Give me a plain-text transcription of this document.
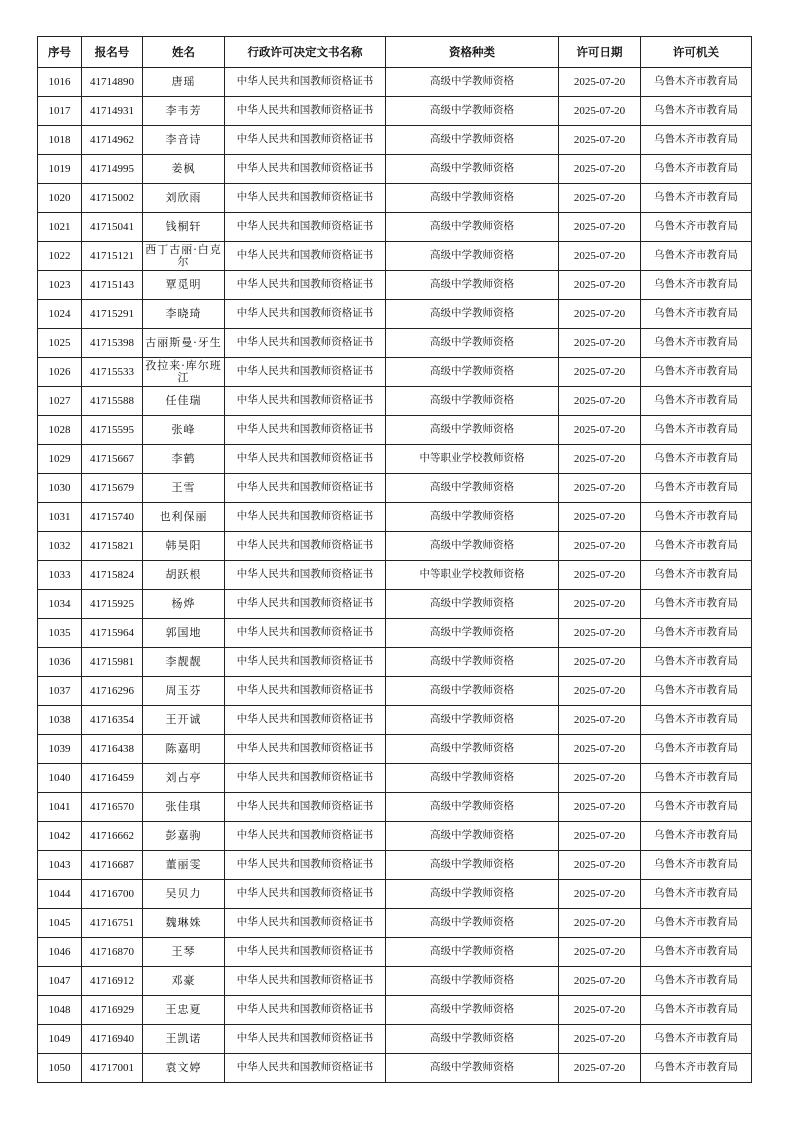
序号	报名号	姓名	行政许可决定文书名称	资格种类	许可日期	许可机关
1016	41714890	唐瑶	中华人民共和国教师资格证书	高级中学教师资格	2025-07-20	乌鲁木齐市教育局
1017	41714931	李韦芳	中华人民共和国教师资格证书	高级中学教师资格	2025-07-20	乌鲁木齐市教育局
1018	41714962	李音诗	中华人民共和国教师资格证书	高级中学教师资格	2025-07-20	乌鲁木齐市教育局
1019	41714995	姜枫	中华人民共和国教师资格证书	高级中学教师资格	2025-07-20	乌鲁木齐市教育局
1020	41715002	刘欣雨	中华人民共和国教师资格证书	高级中学教师资格	2025-07-20	乌鲁木齐市教育局
1021	41715041	钱桐轩	中华人民共和国教师资格证书	高级中学教师资格	2025-07-20	乌鲁木齐市教育局
1022	41715121	西丁古丽·白克尔	中华人民共和国教师资格证书	高级中学教师资格	2025-07-20	乌鲁木齐市教育局
1023	41715143	覃觅明	中华人民共和国教师资格证书	高级中学教师资格	2025-07-20	乌鲁木齐市教育局
1024	41715291	李晓琦	中华人民共和国教师资格证书	高级中学教师资格	2025-07-20	乌鲁木齐市教育局
1025	41715398	古丽斯曼·牙生	中华人民共和国教师资格证书	高级中学教师资格	2025-07-20	乌鲁木齐市教育局
1026	41715533	孜拉来·库尔班江	中华人民共和国教师资格证书	高级中学教师资格	2025-07-20	乌鲁木齐市教育局
1027	41715588	任佳瑞	中华人民共和国教师资格证书	高级中学教师资格	2025-07-20	乌鲁木齐市教育局
1028	41715595	张峰	中华人民共和国教师资格证书	高级中学教师资格	2025-07-20	乌鲁木齐市教育局
1029	41715667	李鹤	中华人民共和国教师资格证书	中等职业学校教师资格	2025-07-20	乌鲁木齐市教育局
1030	41715679	王雪	中华人民共和国教师资格证书	高级中学教师资格	2025-07-20	乌鲁木齐市教育局
1031	41715740	也利保丽	中华人民共和国教师资格证书	高级中学教师资格	2025-07-20	乌鲁木齐市教育局
1032	41715821	韩昊阳	中华人民共和国教师资格证书	高级中学教师资格	2025-07-20	乌鲁木齐市教育局
1033	41715824	胡跃根	中华人民共和国教师资格证书	中等职业学校教师资格	2025-07-20	乌鲁木齐市教育局
1034	41715925	杨烨	中华人民共和国教师资格证书	高级中学教师资格	2025-07-20	乌鲁木齐市教育局
1035	41715964	郭国地	中华人民共和国教师资格证书	高级中学教师资格	2025-07-20	乌鲁木齐市教育局
1036	41715981	李靓靓	中华人民共和国教师资格证书	高级中学教师资格	2025-07-20	乌鲁木齐市教育局
1037	41716296	周玉芬	中华人民共和国教师资格证书	高级中学教师资格	2025-07-20	乌鲁木齐市教育局
1038	41716354	王开诚	中华人民共和国教师资格证书	高级中学教师资格	2025-07-20	乌鲁木齐市教育局
1039	41716438	陈嘉明	中华人民共和国教师资格证书	高级中学教师资格	2025-07-20	乌鲁木齐市教育局
1040	41716459	刘占亭	中华人民共和国教师资格证书	高级中学教师资格	2025-07-20	乌鲁木齐市教育局
1041	41716570	张佳琪	中华人民共和国教师资格证书	高级中学教师资格	2025-07-20	乌鲁木齐市教育局
1042	41716662	彭嘉驹	中华人民共和国教师资格证书	高级中学教师资格	2025-07-20	乌鲁木齐市教育局
1043	41716687	董丽雯	中华人民共和国教师资格证书	高级中学教师资格	2025-07-20	乌鲁木齐市教育局
1044	41716700	吴贝力	中华人民共和国教师资格证书	高级中学教师资格	2025-07-20	乌鲁木齐市教育局
1045	41716751	魏琳姝	中华人民共和国教师资格证书	高级中学教师资格	2025-07-20	乌鲁木齐市教育局
1046	41716870	王琴	中华人民共和国教师资格证书	高级中学教师资格	2025-07-20	乌鲁木齐市教育局
1047	41716912	邓豪	中华人民共和国教师资格证书	高级中学教师资格	2025-07-20	乌鲁木齐市教育局
1048	41716929	王忠夏	中华人民共和国教师资格证书	高级中学教师资格	2025-07-20	乌鲁木齐市教育局
1049	41716940	王凯诺	中华人民共和国教师资格证书	高级中学教师资格	2025-07-20	乌鲁木齐市教育局
1050	41717001	袁文婷	中华人民共和国教师资格证书	高级中学教师资格	2025-07-20	乌鲁木齐市教育局
